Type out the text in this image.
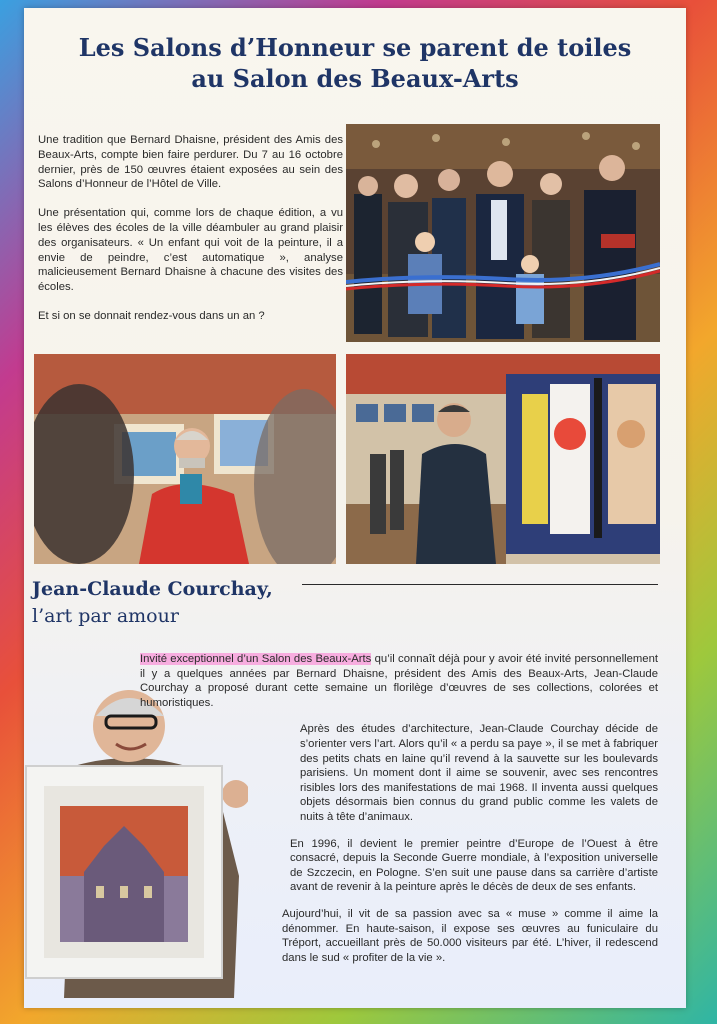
Les Salons d’Honneur se parent de toiles
au Salon des Beaux-Arts

Une tradition que Bernard Dhaisne, président des Amis des Beaux-Arts, compte bien faire perdurer. Du 7 au 16 octobre dernier, près de 150 œuvres étaient exposées au sein des Salons d’Honneur de l’Hôtel de Ville.

Une présentation qui, comme lors de chaque édition, a vu les élèves des écoles de la ville déambuler au grand plaisir des organisateurs. « Un enfant qui voit de la peinture, il a envie de peindre, c’est automatique », analyse malicieusement Bernard Dhaisne à chacune des visites des écoles.

Et si on se donnait rendez-vous dans un an ?

Jean-Claude Courchay,
l’art par amour

Invité exceptionnel d’un Salon des Beaux-Arts qu’il connaît déjà pour y avoir été invité personnellement il y a quelques années par Bernard Dhaisne, président des Amis des Beaux-Arts, Jean-Claude Courchay a proposé durant cette semaine un florilège d’œuvres de ses collections, colorées et humoristiques.

Après des études d’architecture, Jean-Claude Courchay décide de s’orienter vers l’art. Alors qu’il « a perdu sa paye », il se met à fabriquer des petits chats en laine qu’il revend à la sauvette sur les boulevards parisiens. Un moment dont il aime se souvenir, avec ses rencontres risibles lors des manifestations de mai 1968. Il inventa aussi quelques objets désormais bien connus du grand public comme les valets de nuits à tête d’animaux.

En 1996, il devient le premier peintre d’Europe de l’Ouest à être consacré, depuis la Seconde Guerre mondiale, à l’exposition universelle de Szczecin, en Pologne. S’en suit une pause dans sa carrière d’artiste avant de revenir à la peinture après le décès de deux de ses enfants.

Aujourd’hui, il vit de sa passion avec sa « muse » comme il aime la dénommer. En haute-saison, il expose ses œuvres au funiculaire du Tréport, accueillant près de 50.000 visiteurs par été. L’hiver, il redescend dans le sud « profiter de la vie ».
